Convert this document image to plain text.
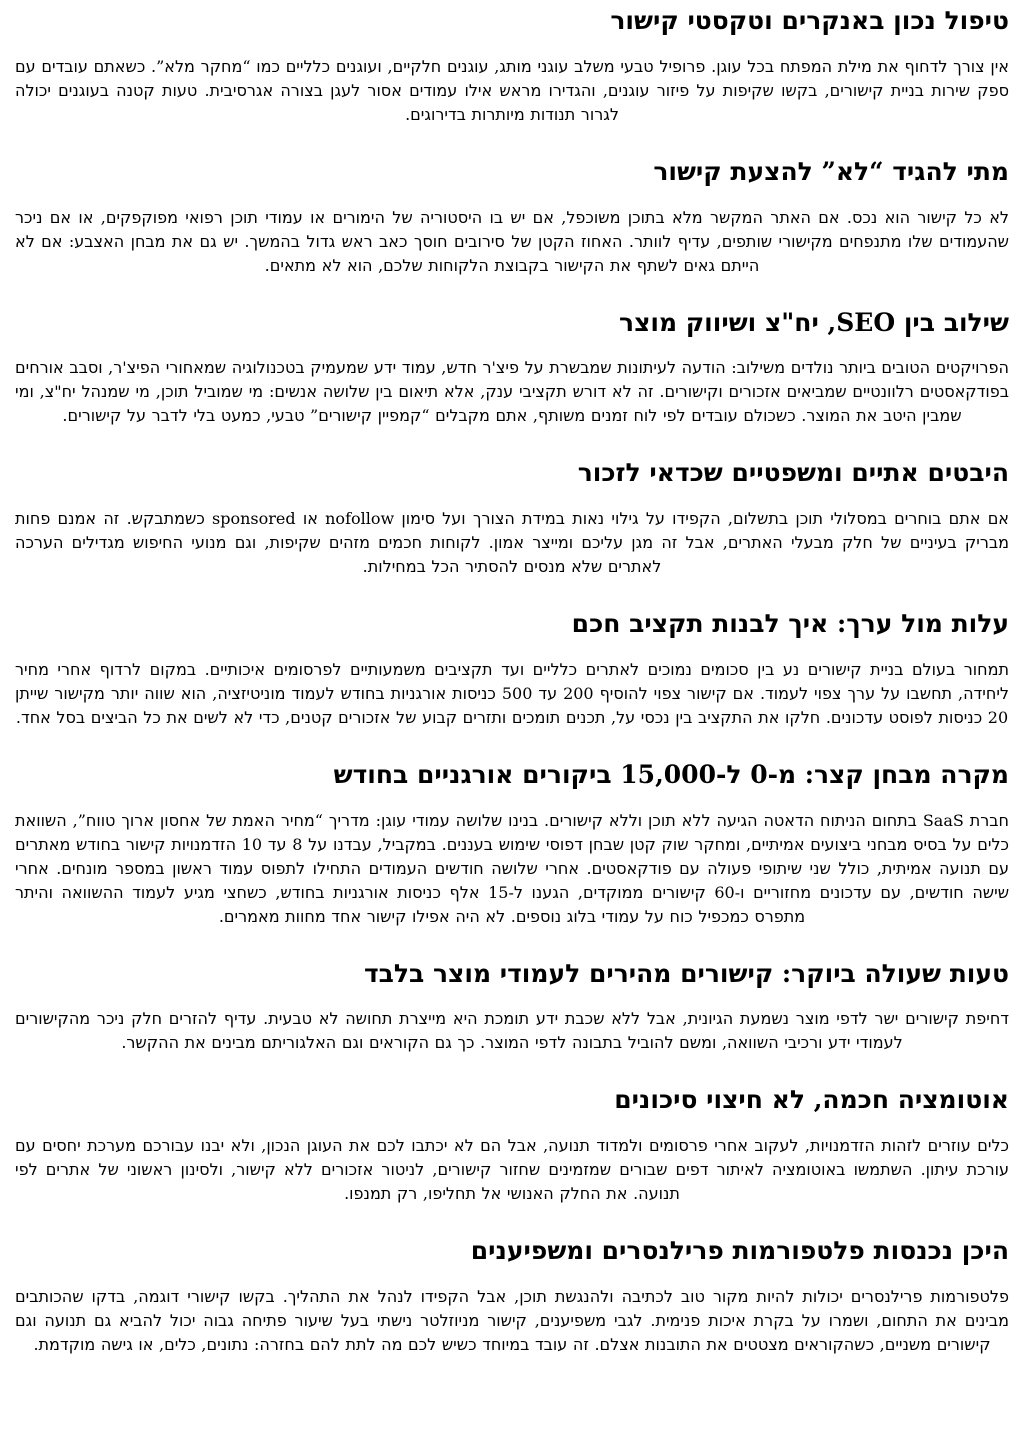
טיפול נכון באנקרים וטקסטי קישור

אין צורך לדחוף את מילת המפתח בכל עוגן. פרופיל טבעי משלב עוגני מותג, עוגנים חלקיים, ועוגנים כלליים כמו “מחקר מלא”. כשאתם עובדים עם ספק שירות בניית קישורים, בקשו שקיפות על פיזור עוגנים, והגדירו מראש אילו עמודים אסור לעגן בצורה אגרסיבית. טעות קטנה בעוגנים יכולה לגרור תנודות מיותרות בדירוגים.

מתי להגיד “לא” להצעת קישור

לא כל קישור הוא נכס. אם האתר המקשר מלא בתוכן משוכפל, אם יש בו היסטוריה של הימורים או עמודי תוכן רפואי מפוקפקים, או אם ניכר שהעמודים שלו מתנפחים מקישורי שותפים, עדיף לוותר. האחוז הקטן של סירובים חוסך כאב ראש גדול בהמשך. יש גם את מבחן האצבע: אם לא הייתם גאים לשתף את הקישור בקבוצת הלקוחות שלכם, הוא לא מתאים.

שילוב בין SEO, יח"צ ושיווק מוצר

הפרויקטים הטובים ביותר נולדים משילוב: הודעה לעיתונות שמבשרת על פיצ'ר חדש, עמוד ידע שמעמיק בטכנולוגיה שמאחורי הפיצ'ר, וסבב אורחים בפודקאסטים רלוונטיים שמביאים אזכורים וקישורים. זה לא דורש תקציבי ענק, אלא תיאום בין שלושה אנשים: מי שמוביל תוכן, מי שמנהל יח"צ, ומי שמבין היטב את המוצר. כשכולם עובדים לפי לוח זמנים משותף, אתם מקבלים “קמפיין קישורים” טבעי, כמעט בלי לדבר על קישורים.

היבטים אתיים ומשפטיים שכדאי לזכור

אם אתם בוחרים במסלולי תוכן בתשלום, הקפידו על גילוי נאות במידת הצורך ועל סימון nofollow או sponsored כשמתבקש. זה אמנם פחות מבריק בעיניים של חלק מבעלי האתרים, אבל זה מגן עליכם ומייצר אמון. לקוחות חכמים מזהים שקיפות, וגם מנועי החיפוש מגדילים הערכה לאתרים שלא מנסים להסתיר הכל במחילות.

עלות מול ערך: איך לבנות תקציב חכם

תמחור בעולם בניית קישורים נע בין סכומים נמוכים לאתרים כלליים ועד תקציבים משמעותיים לפרסומים איכותיים. במקום לרדוף אחרי מחיר ליחידה, תחשבו על ערך צפוי לעמוד. אם קישור צפוי להוסיף 200 עד 500 כניסות אורגניות בחודש לעמוד מוניטיזציה, הוא שווה יותר מקישור שייתן 20 כניסות לפוסט עדכונים. חלקו את התקציב בין נכסי על, תכנים תומכים ותזרים קבוע של אזכורים קטנים, כדי לא לשים את כל הביצים בסל אחד.

מקרה מבחן קצר: מ-0 ל-15,000 ביקורים אורגניים בחודש

חברת SaaS בתחום הניתוח הדאטה הגיעה ללא תוכן וללא קישורים. בנינו שלושה עמודי עוגן: מדריך “מחיר האמת של אחסון ארוך טווח”, השוואת כלים על בסיס מבחני ביצועים אמיתיים, ומחקר שוק קטן שבחן דפוסי שימוש בעננים. במקביל, עבדנו על 8 עד 10 הזדמנויות קישור בחודש מאתרים עם תנועה אמיתית, כולל שני שיתופי פעולה עם פודקאסטים. אחרי שלושה חודשים העמודים התחילו לתפוס עמוד ראשון במספר מונחים. אחרי שישה חודשים, עם עדכונים מחזוריים ו-60 קישורים ממוקדים, הגענו ל-15 אלף כניסות אורגניות בחודש, כשחצי מגיע לעמוד ההשוואה והיתר מתפרס כמכפיל כוח על עמודי בלוג נוספים. לא היה אפילו קישור אחד מחוות מאמרים.

טעות שעולה ביוקר: קישורים מהירים לעמודי מוצר בלבד

דחיפת קישורים ישר לדפי מוצר נשמעת הגיונית, אבל ללא שכבת ידע תומכת היא מייצרת תחושה לא טבעית. עדיף להזרים חלק ניכר מהקישורים לעמודי ידע ורכיבי השוואה, ומשם להוביל בתבונה לדפי המוצר. כך גם הקוראים וגם האלגוריתם מבינים את ההקשר.

אוטומציה חכמה, לא חיצוי סיכונים

כלים עוזרים לזהות הזדמנויות, לעקוב אחרי פרסומים ולמדוד תנועה, אבל הם לא יכתבו לכם את העוגן הנכון, ולא יבנו עבורכם מערכת יחסים עם עורכת עיתון. השתמשו באוטומציה לאיתור דפים שבורים שמזמינים שחזור קישורים, לניטור אזכורים ללא קישור, ולסינון ראשוני של אתרים לפי תנועה. את החלק האנושי אל תחליפו, רק תמנפו.

היכן נכנסות פלטפורמות פרילנסרים ומשפיענים

פלטפורמות פרילנסרים יכולות להיות מקור טוב לכתיבה ולהנגשת תוכן, אבל הקפידו לנהל את התהליך. בקשו קישורי דוגמה, בדקו שהכותבים מבינים את התחום, ושמרו על בקרת איכות פנימית. לגבי משפיענים, קישור מניוזלטר נישתי בעל שיעור פתיחה גבוה יכול להביא גם תנועה וגם קישורים משניים, כשהקוראים מצטטים את התובנות אצלם. זה עובד במיוחד כשיש לכם מה לתת להם בחזרה: נתונים, כלים, או גישה מוקדמת.
